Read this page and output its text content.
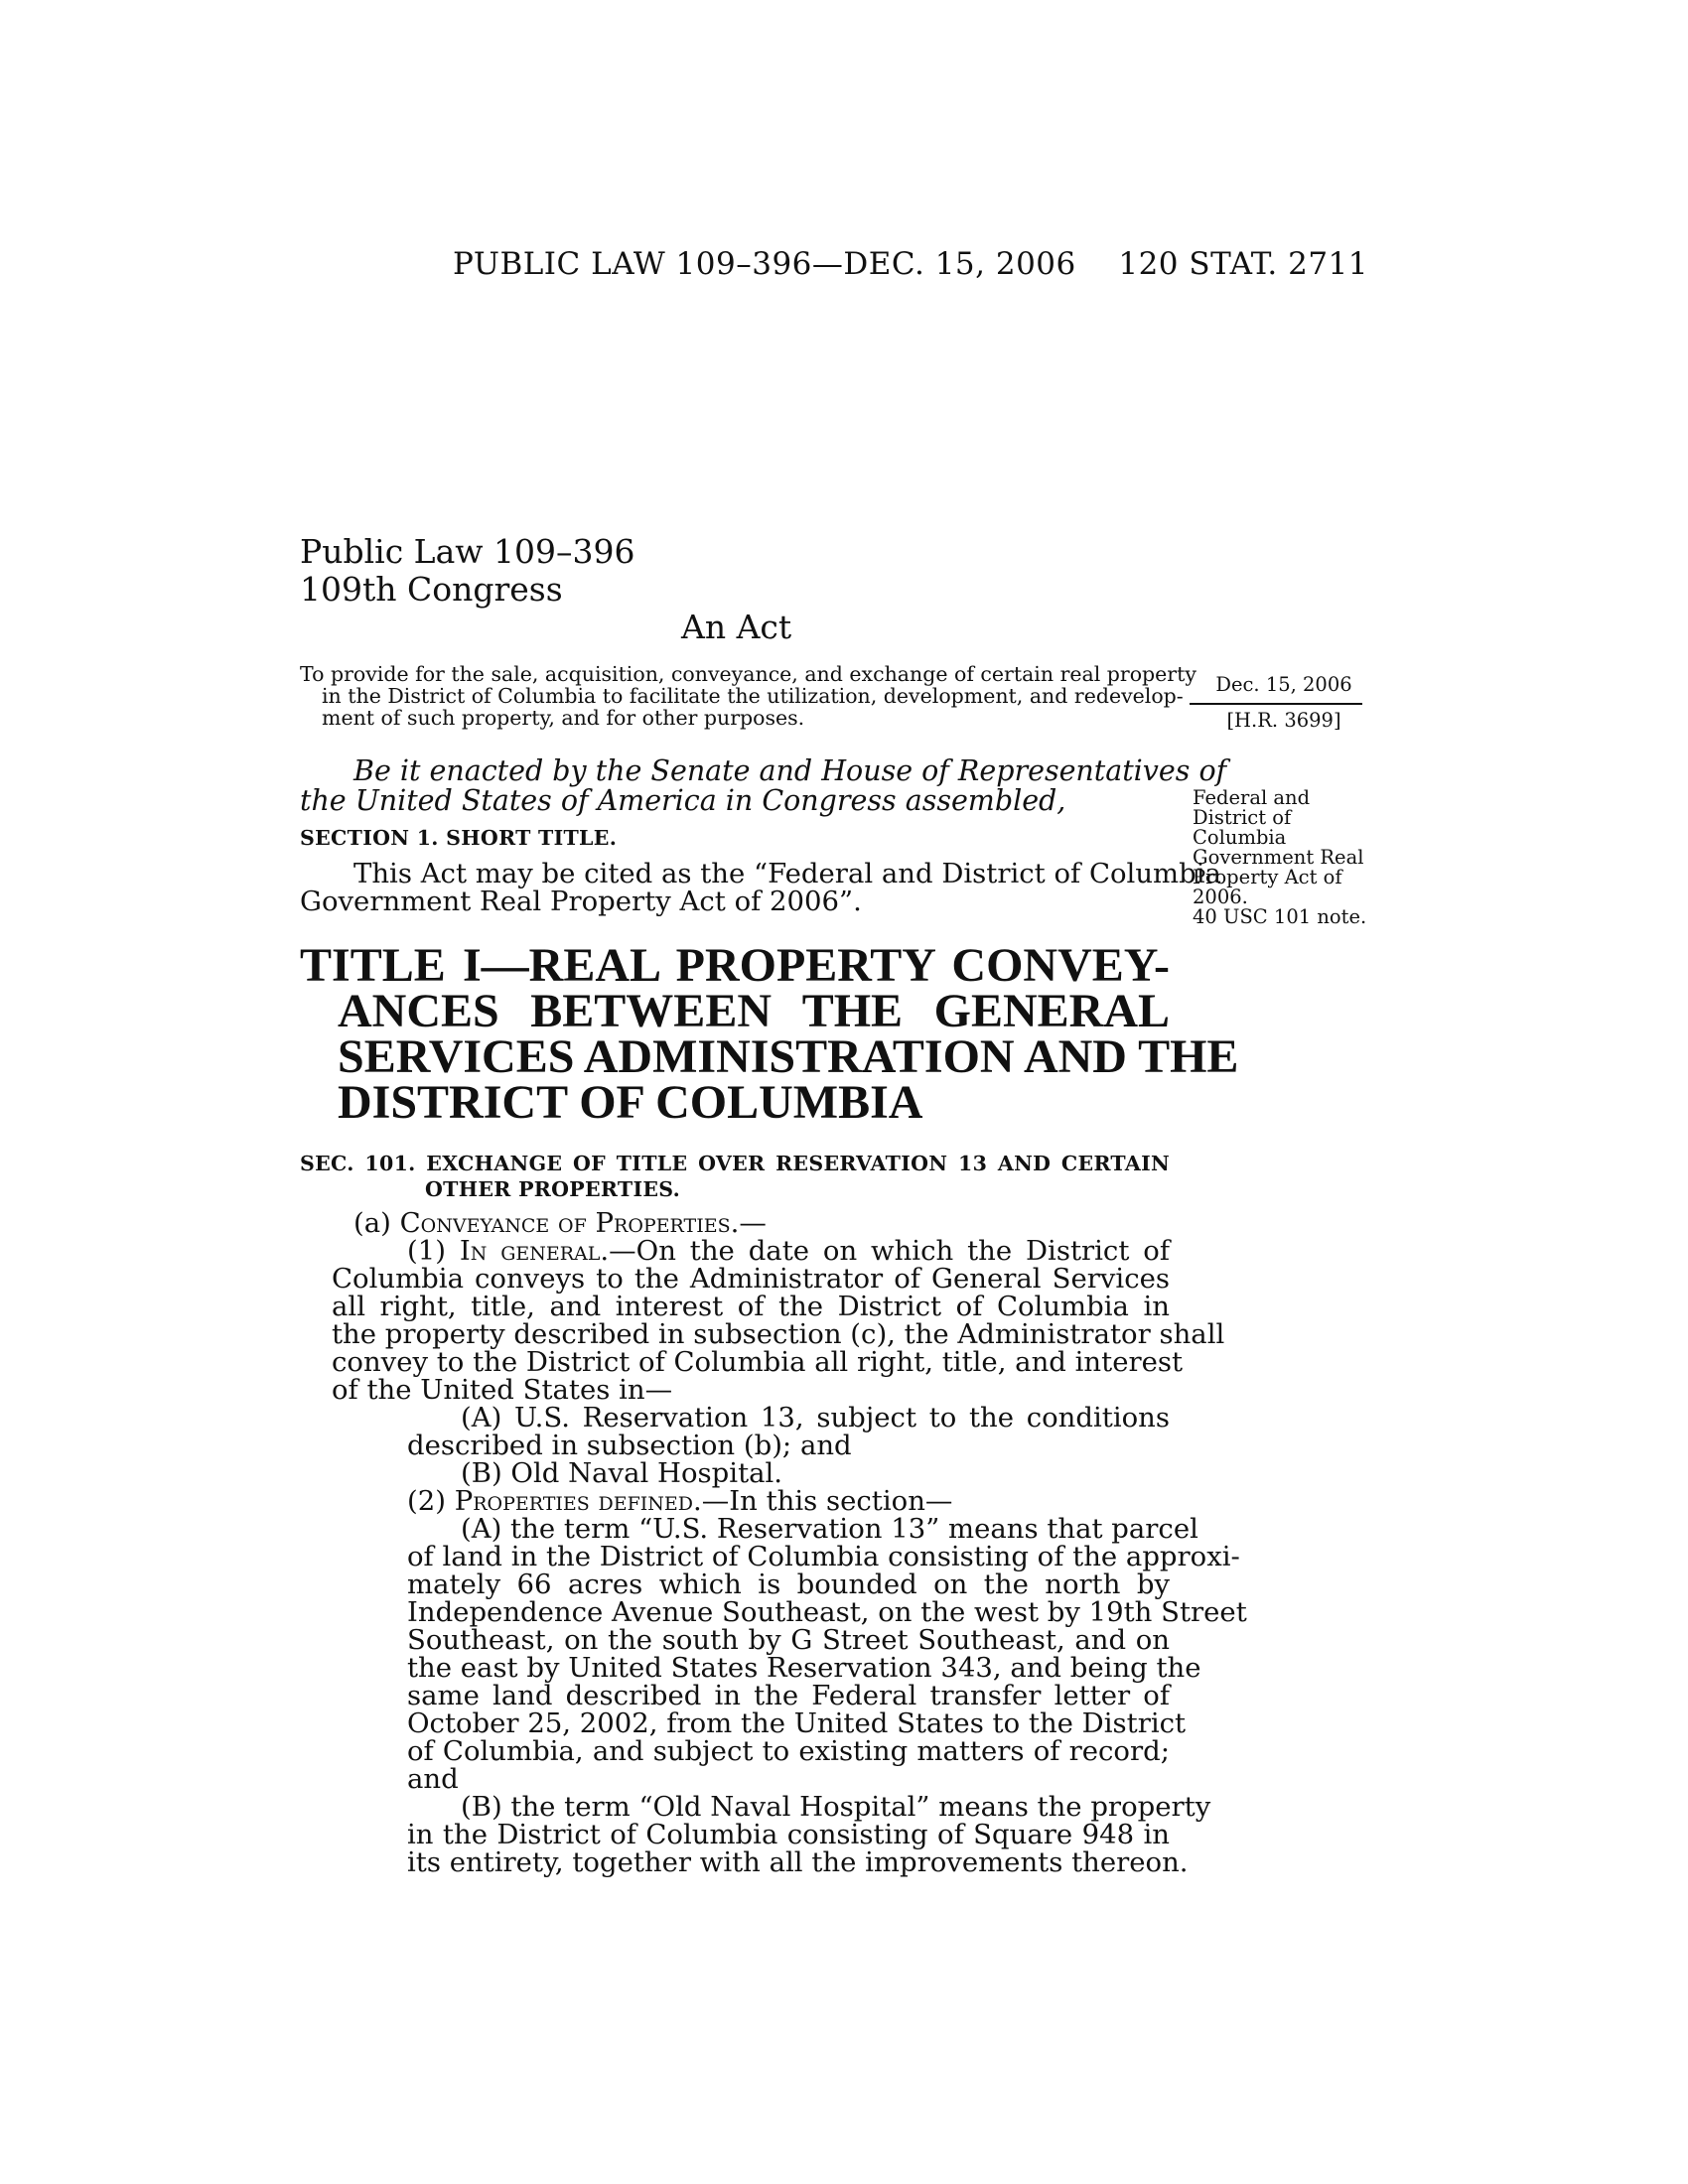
PUBLIC LAW 109–396—DEC. 15, 2006 120 STAT. 2711
Public Law 109–396
109th Congress
An Act
To provide for the sale, acquisition, conveyance, and exchange of certain real property
in the District of Columbia to facilitate the utilization, development, and redevelop-
ment of such property, and for other purposes.
Dec. 15, 2006
[H.R. 3699]
Federal and
District of
Columbia
Government Real
Property Act of
2006.
40 USC 101 note.
Be it enacted by the Senate and House of Representatives of
the United States of America in Congress assembled,
SECTION 1. SHORT TITLE.
This Act may be cited as the “Federal and District of Columbia
Government Real Property Act of 2006”.
TITLE I—REAL PROPERTY CONVEY-
ANCES BETWEEN THE GENERAL
SERVICES ADMINISTRATION AND THE
DISTRICT OF COLUMBIA
SEC. 101. EXCHANGE OF TITLE OVER RESERVATION 13 AND CERTAIN
OTHER PROPERTIES.
(a) Conveyance of Properties.—
(1) In general.—On the date on which the District of
Columbia conveys to the Administrator of General Services
all right, title, and interest of the District of Columbia in
the property described in subsection (c), the Administrator shall
convey to the District of Columbia all right, title, and interest
of the United States in—
(A) U.S. Reservation 13, subject to the conditions
described in subsection (b); and
(B) Old Naval Hospital.
(2) Properties defined.—In this section—
(A) the term “U.S. Reservation 13” means that parcel
of land in the District of Columbia consisting of the approxi-
mately 66 acres which is bounded on the north by
Independence Avenue Southeast, on the west by 19th Street
Southeast, on the south by G Street Southeast, and on
the east by United States Reservation 343, and being the
same land described in the Federal transfer letter of
October 25, 2002, from the United States to the District
of Columbia, and subject to existing matters of record;
and
(B) the term “Old Naval Hospital” means the property
in the District of Columbia consisting of Square 948 in
its entirety, together with all the improvements thereon.
